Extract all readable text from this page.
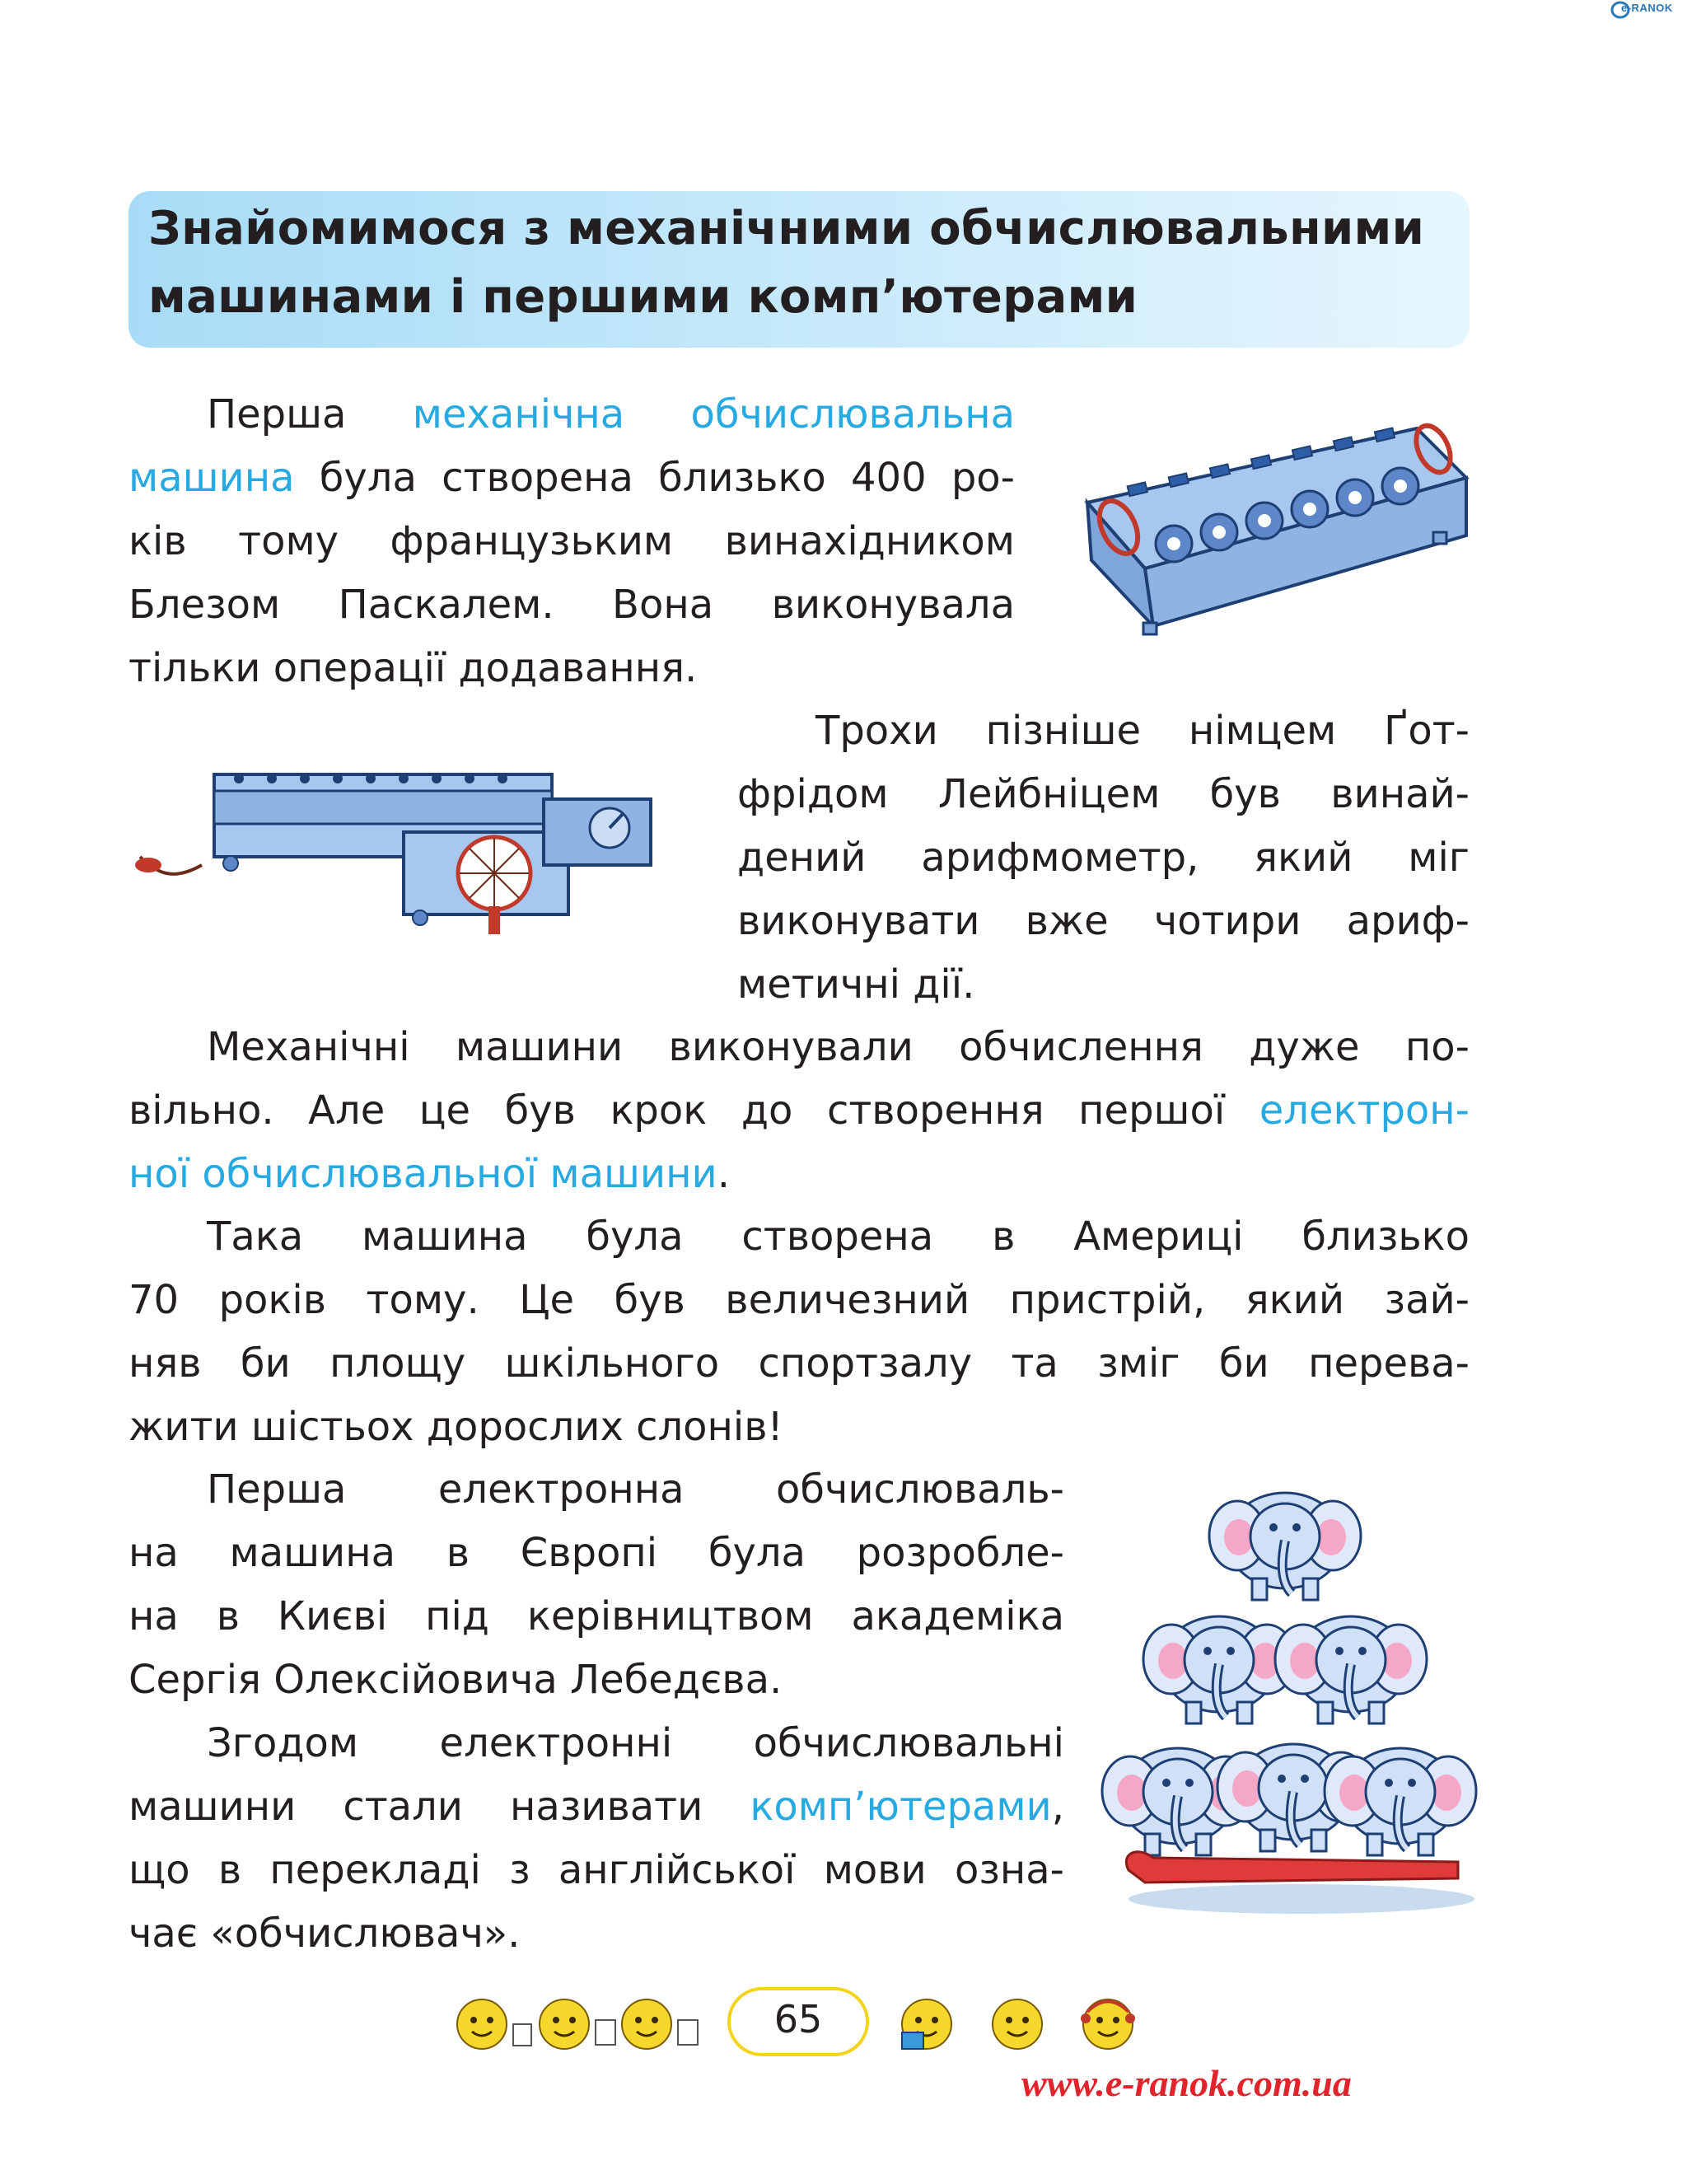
e-RANOK
Знайомимося з механічними обчислювальними
машинами і першими комп’ютерами
Перша механічна обчислювальна
машина була створена близько 400 ро-
ків тому французьким винахідником
Блезом Паскалем. Вона виконувала
тільки операції додавання.
Трохи пізніше німцем Ґот-
фрідом Лейбніцем був винай-
дений арифмометр, який міг
виконувати вже чотири ариф-
метичні дії.
Механічні машини виконували обчислення дуже по-
вільно. Але це був крок до створення першої електрон-
ної обчислювальної машини.
Така машина була створена в Америці близько
70 років тому. Це був величезний пристрій, який зай-
няв би площу шкільного спортзалу та зміг би перева-
жити шістьох дорослих слонів!
Перша електронна обчислюваль-
на машина в Європі була розробле-
на в Києві під керівництвом академіка
Сергія Олексійовича Лебедєва.
Згодом електронні обчислювальні
машини стали називати комп’ютерами,
що в перекладі з англійської мови озна-
чає «обчислювач».
65
www.e-ranok.com.ua
